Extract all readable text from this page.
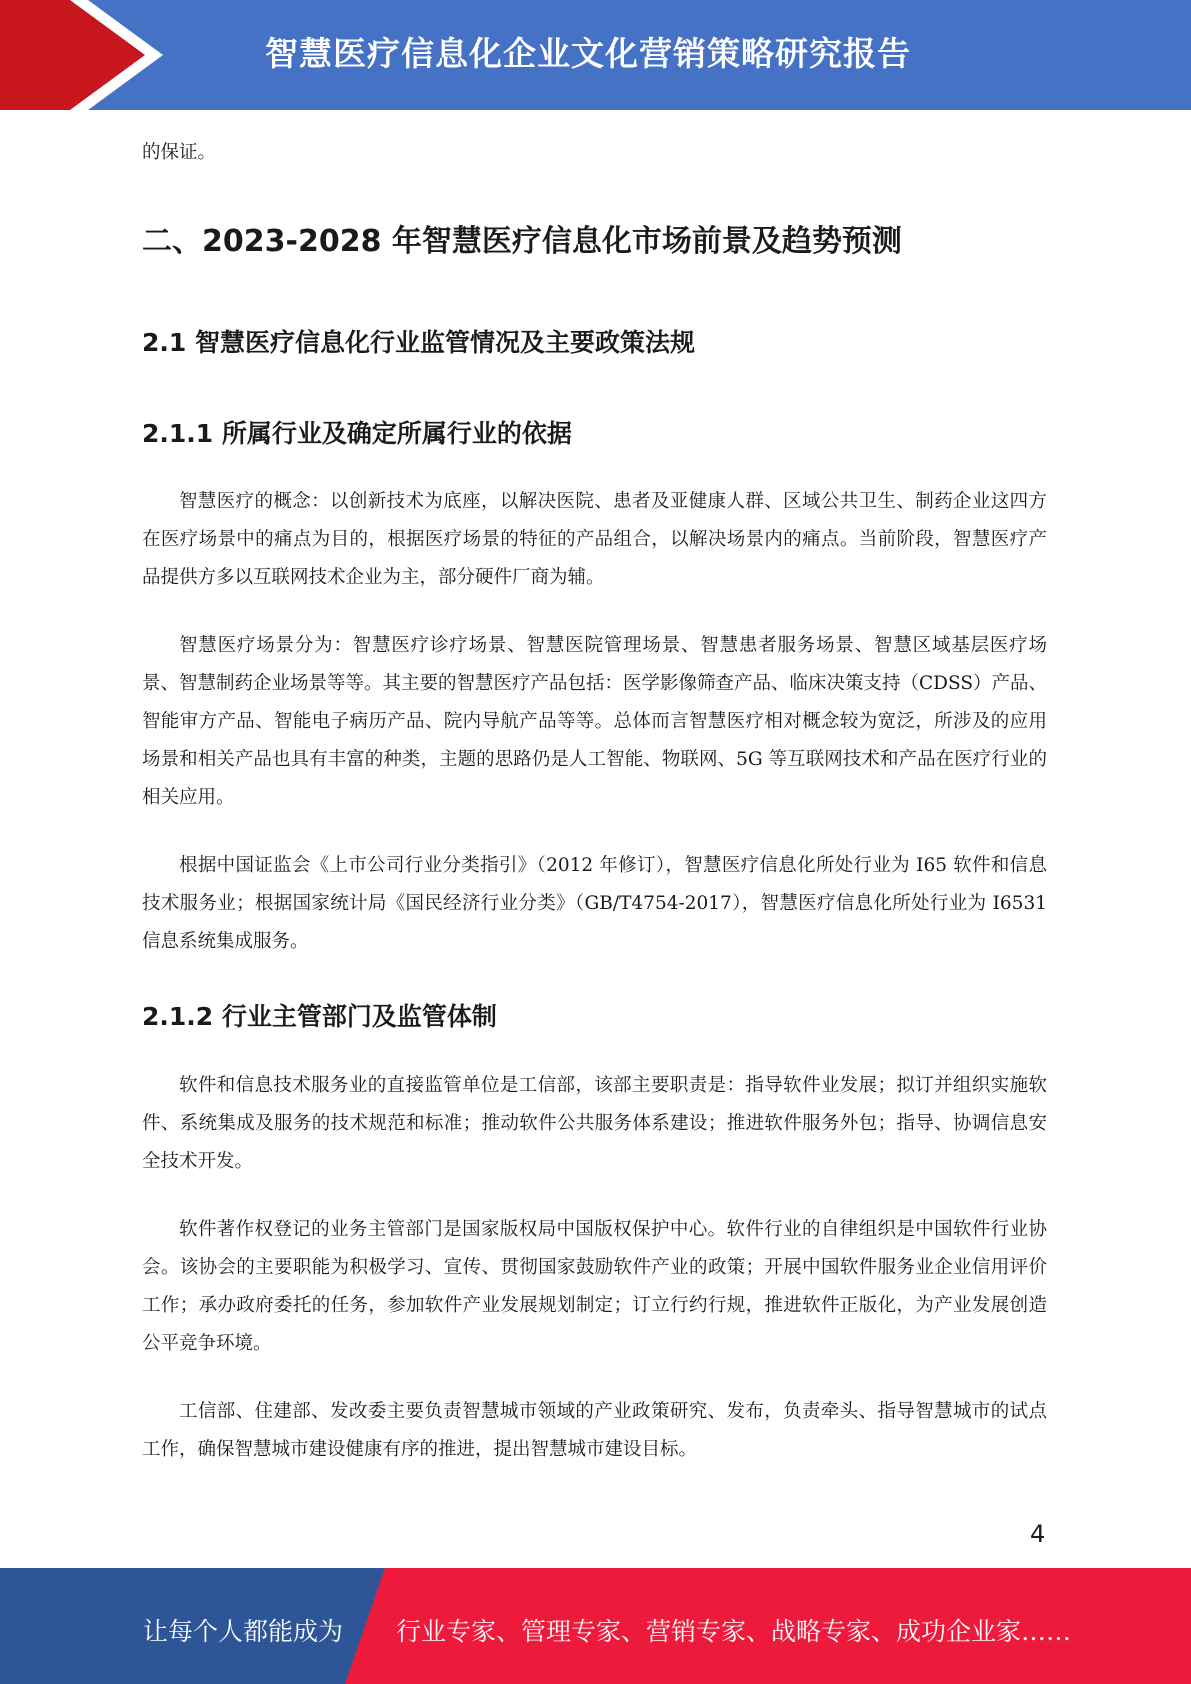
智慧医疗信息化企业文化营销策略研究报告

的保证。

二、2023-2028 年智慧医疗信息化市场前景及趋势预测
2.1 智慧医疗信息化行业监管情况及主要政策法规
2.1.1 所属行业及确定所属行业的依据

智慧医疗的概念：以创新技术为底座，以解决医院、患者及亚健康人群、区域公共卫生、制药企业这四方在医疗场景中的痛点为目的，根据医疗场景的特征的产品组合，以解决场景内的痛点。当前阶段，智慧医疗产品提供方多以互联网技术企业为主，部分硬件厂商为辅。

智慧医疗场景分为：智慧医疗诊疗场景、智慧医院管理场景、智慧患者服务场景、智慧区域基层医疗场景、智慧制药企业场景等等。其主要的智慧医疗产品包括：医学影像筛查产品、临床决策支持（CDSS）产品、智能审方产品、智能电子病历产品、院内导航产品等等。总体而言智慧医疗相对概念较为宽泛，所涉及的应用场景和相关产品也具有丰富的种类，主题的思路仍是人工智能、物联网、5G 等互联网技术和产品在医疗行业的相关应用。

根据中国证监会《上市公司行业分类指引》（2012 年修订），智慧医疗信息化所处行业为 I65 软件和信息技术服务业；根据国家统计局《国民经济行业分类》（GB/T4754-2017），智慧医疗信息化所处行业为 I6531 信息系统集成服务。

2.1.2 行业主管部门及监管体制

软件和信息技术服务业的直接监管单位是工信部，该部主要职责是：指导软件业发展；拟订并组织实施软件、系统集成及服务的技术规范和标准；推动软件公共服务体系建设；推进软件服务外包；指导、协调信息安全技术开发。

软件著作权登记的业务主管部门是国家版权局中国版权保护中心。软件行业的自律组织是中国软件行业协会。该协会的主要职能为积极学习、宣传、贯彻国家鼓励软件产业的政策；开展中国软件服务业企业信用评价工作；承办政府委托的任务，参加软件产业发展规划制定；订立行约行规，推进软件正版化，为产业发展创造公平竞争环境。

工信部、住建部、发改委主要负责智慧城市领域的产业政策研究、发布，负责牵头、指导智慧城市的试点工作，确保智慧城市建设健康有序的推进，提出智慧城市建设目标。

4
让每个人都能成为 行业专家、管理专家、营销专家、战略专家、成功企业家……
